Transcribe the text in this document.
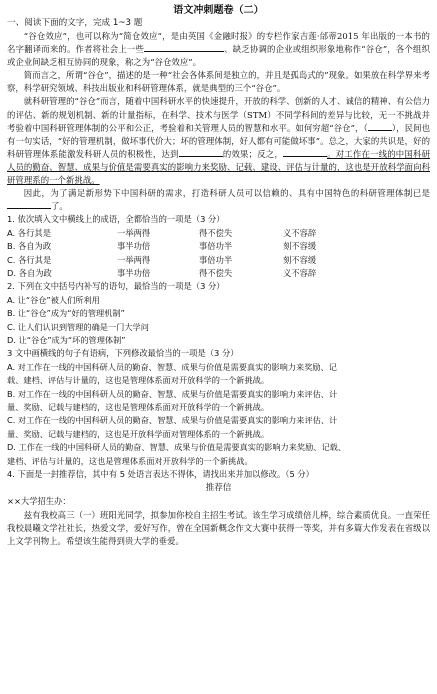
语文冲刺题卷（二）

一、阅读下面的文字，完成 1~3 题

“谷仓效应”，也可以称为“简仓效应”，是由英国《金融时报》的专栏作家吉莲·邰蒂2015 年出版的一本书的名字翻译而来的。作者将社会上一些	、缺乏协调的企业或组织形象地称作“谷仓”，各个组织或企业间缺乏相互协同的现象，称之为“谷仓效应”。

简而言之，所谓“谷仓”，描述的是一种“社会各体系间是独立的，并且是孤岛式的”现象。如果放在科学界来考察，科学研究领域、科技出版业和科研管理体系，就是典型的三个“谷仓”。

就科研管理的“谷仓”而言，随着中国科研水平的快速提升，开放的科学、创新的人才、诚信的精神、有公信力的评估、新的规划机制、新的计量指标，在科学、技术与医学（STM）不同学科间的差异与比较，无一不挑战并考验着中国科研管理体制的公平和公正，考验着和关管理人员的智慧和水平。如何穷超“谷仓”，（	），民间也有一句实话，“好的管理机制，做坏事代价大；坏的管理体制，好人都有可能做坏事”。总之，大家的共识是，好的科研管理体系能激发科研人员的积极性，达到	的效果；反之，	。对工作在一线的中国科研人员的勤奋、智慧、成果与价值是需要真实的影响力来奖励、记载、建设、评估与计量的，这也是开放科学面向科研管理系的一个新挑战。

因此，为了满足新形势下中国科研的需求，打造科研人员可以信赖的、具有中国特色的科研管理体制已是了。

1. 依次填入文中横线上的成语，全都恰当的一项是（3 分）
A. 各行其是	一举两得	得不偿失	义不容辞
B. 各自为政	事半功倍	事倍功半	刻不容缓
C. 各行其是	一举两得	事倍功半	刻不容缓
D. 各自为政	事半功倍	得不偿失	义不容辞
2. 下列在文中括号内补写的语句，最恰当的一项是（3 分）
A. 让“谷仓”被人们所利用
B. 让“谷仓”成为“好的管理机制”
C. 让人们认识到管理的确是一门大学问
D. 让“谷仓”成为“坏的管理体制”
3 文中画横线的句子有语病，下列修改最恰当的一项是（3 分）
A. 对工作在一线的中国科研人员的勤奋、智慧、成果与价值是需要真实的影响力来奖励、记
载、建档、评估与计量的，这也是管理体系面对开放科学的一个新挑战。
B. 对工作在一线的中国科研人员的勤奋、智慧、成果与价值是需要真实的影响力来评估、计
量、奖励、记载与建档的，这也是管理体系面对开放科学的一个新挑战。
C. 对工作在一线的中国科研人员的勤奋、智慧、成果与价值是需要真实的影响力来评估、计
量、奖励、记载与建档的，这也是开放科学面对管理体系的一个新挑战。
D. 工作在一线的中国科研人员的勤奋、智慧、成果与价值是需要真实的影响力来奖励、记载、
建档、评估与计量的，这也是管理体系面对开放科学的一个新挑战。
4. 下面是一封推荐信，其中有 5 处语言表达不得体，请找出来并加以修改。（5 分）
推荐信
××大学招生办：

兹有我校高三（一）班阳光同学，拟参加你校自主招生考试。该生学习成绩倍儿棒，综合素质优良。一直荣任我校晨曦文学社社长，热爱文学，爱好写作，曾在全国新概念作文大赛中获得一等奖，并有多篇大作发表在省级以上文学刊物上。希望该生能得到贵大学的垂爱。
